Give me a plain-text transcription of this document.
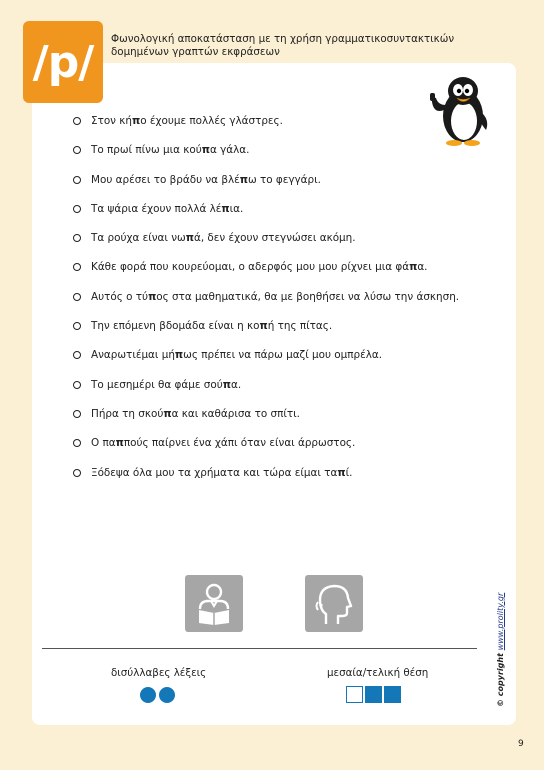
/p/ Φωνολογική αποκατάσταση με τη χρήση γραμματικοσυντακτικών
δομημένων γραπτών εκφράσεων
Στον κήπο έχουμε πολλές γλάστρες.
Το πρωί πίνω μια κούπα γάλα.
Μου αρέσει το βράδυ να βλέπω το φεγγάρι.
Τα ψάρια έχουν πολλά λέπια.
Τα ρούχα είναι νωπά, δεν έχουν στεγνώσει ακόμη.
Κάθε φορά που κουρεύομαι, ο αδερφός μου μου ρίχνει μια φάπα.
Αυτός ο τύπος στα μαθηματικά, θα με βοηθήσει να λύσω την άσκηση.
Την επόμενη βδομάδα είναι η κοπή της πίτας.
Αναρωτιέμαι μήπως πρέπει να πάρω μαζί μου ομπρέλα.
Το μεσημέρι θα φάμε σούπα.
Πήρα τη σκούπα και καθάρισα το σπίτι.
Ο παππούς παίρνει ένα χάπι όταν είναι άρρωστος.
Ξόδεψα όλα μου τα χρήματα και τώρα είμαι ταπί.
δισύλλαβες λέξεις	μεσαία/τελική θέση	© copyright www.prolity.gr
9
